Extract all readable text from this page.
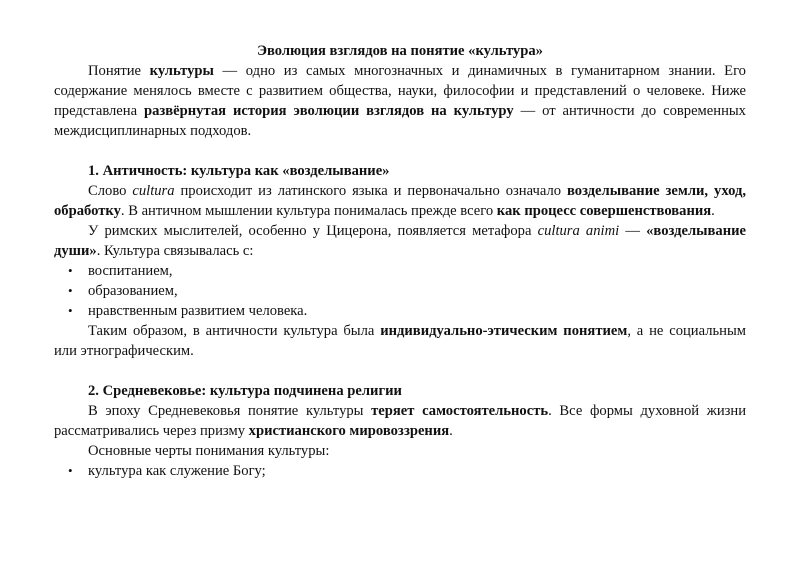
Эволюция взглядов на понятие «культура»

Понятие культуры — одно из самых многозначных и динамичных в гуманитарном знании. Его содержание менялось вместе с развитием общества, науки, философии и представлений о человеке. Ниже представлена развёрнутая история эволюции взглядов на культуру — от античности до современных междисциплинарных подходов.

1. Античность: культура как «возделывание»

Слово cultura происходит из латинского языка и первоначально означало возделывание земли, уход, обработку. В античном мышлении культура понималась прежде всего как процесс совершенствования.

У римских мыслителей, особенно у Цицерона, появляется метафора cultura animi — «возделывание души». Культура связывалась с:

• воспитанием,
• образованием,
• нравственным развитием человека.

Таким образом, в античности культура была индивидуально-этическим понятием, а не социальным или этнографическим.

2. Средневековье: культура подчинена религии

В эпоху Средневековья понятие культуры теряет самостоятельность. Все формы духовной жизни рассматривались через призму христианского мировоззрения.

Основные черты понимания культуры:

• культура как служение Богу;
